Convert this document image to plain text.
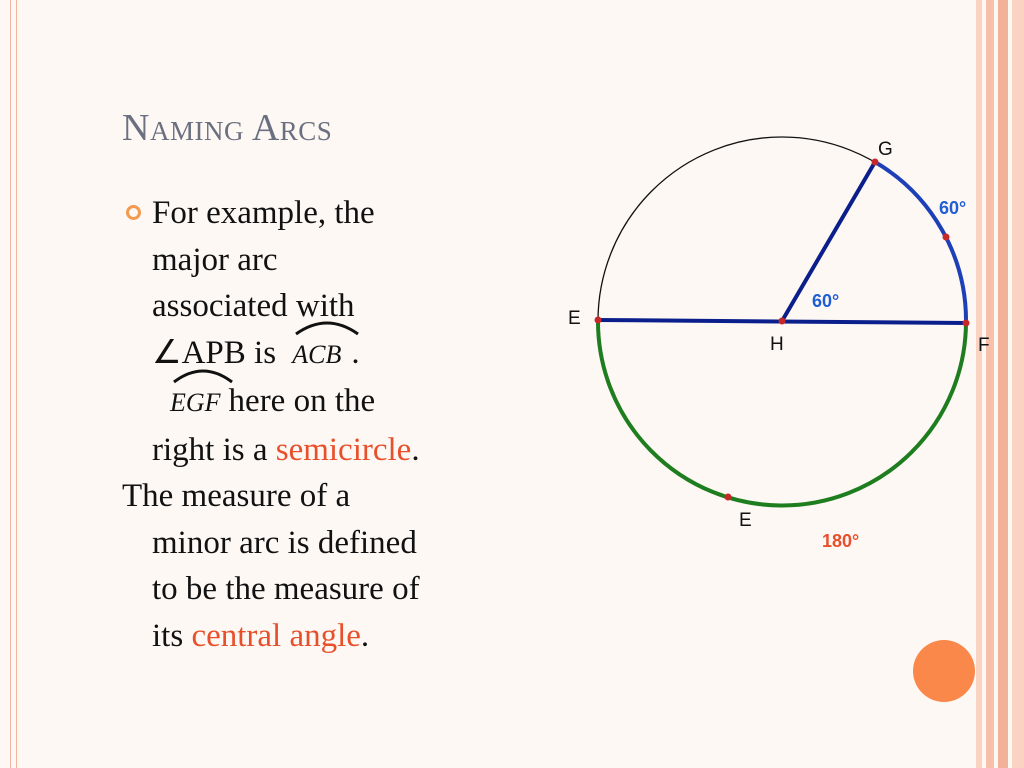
Naming Arcs

For example, the
major arc
associated with
∠APB is ACB .

EGF here on the
right is a semicircle.

The measure of a
minor arc is defined
to be the measure of
its central angle.

G
E
H	F
E
60°
60°
180°
